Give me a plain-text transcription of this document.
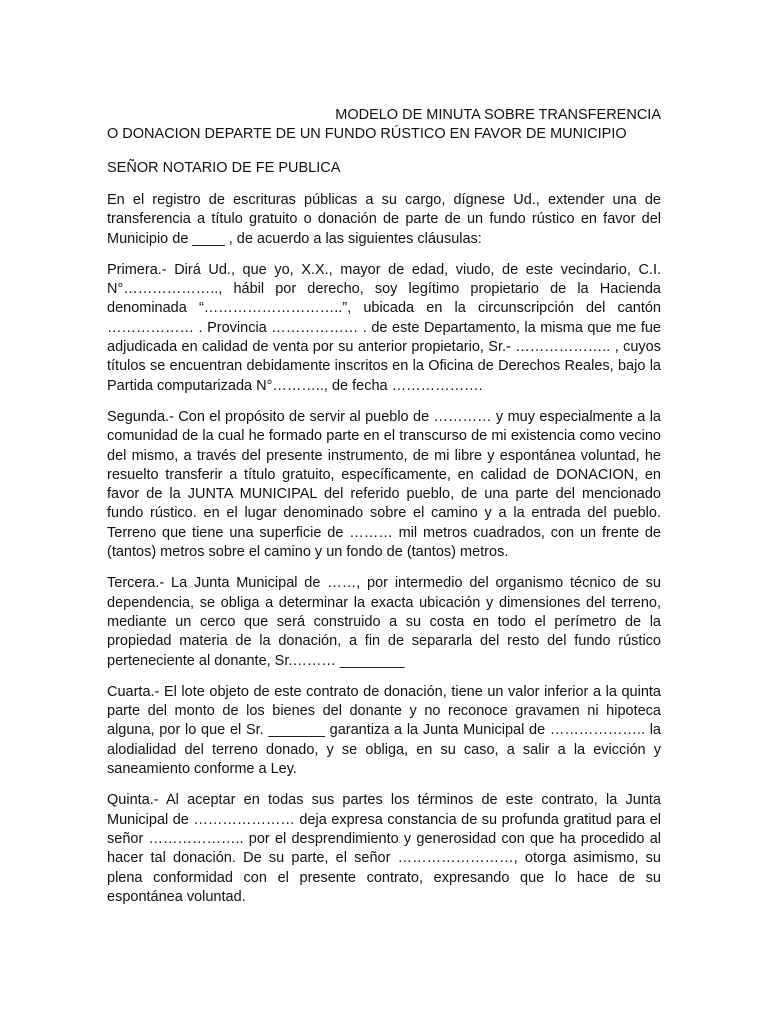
MODELO DE MINUTA SOBRE TRANSFERENCIA
O DONACION DEPARTE DE UN FUNDO RÚSTICO EN FAVOR DE MUNICIPIO
SEÑOR NOTARIO DE FE PUBLICA

En el registro de escrituras públicas a su cargo, dígnese Ud., extender una de transferencia a título gratuito o donación de parte de un fundo rústico en favor del Municipio de ____ , de acuerdo a las siguientes cláusulas:

Primera.- Dirá Ud., que yo, X.X., mayor de edad, viudo, de este vecindario, C.I. N°……………….., hábil por derecho, soy legítimo propietario de la Hacienda denominada “………………………..”, ubicada en la circunscripción del cantón ……………… . Provincia ……………… . de este Departamento, la misma que me fue adjudicada en calidad de venta por su anterior propietario, Sr.- ……………….. , cuyos títulos se encuentran debidamente inscritos en la Oficina de Derechos Reales, bajo la Partida computarizada N°……….., de fecha ……………….

Segunda.- Con el propósito de servir al pueblo de ………… y muy especialmente a la comunidad de la cual he formado parte en el transcurso de mi existencia como vecino del mismo, a través del presente instrumento, de mi libre y espontánea voluntad, he resuelto transferir a título gratuito, específicamente, en calidad de DONACION, en favor de la JUNTA MUNICIPAL del referido pueblo, de una parte del mencionado fundo rústico. en el lugar denominado sobre el camino y a la entrada del pueblo. Terreno que tiene una superficie de ……… mil metros cuadrados, con un frente de (tantos) metros sobre el camino y un fondo de (tantos) metros.

Tercera.- La Junta Municipal de ……, por intermedio del organismo técnico de su dependencia, se obliga a determinar la exacta ubicación y dimensiones del terreno, mediante un cerco que será construido a su costa en todo el perímetro de la propiedad materia de la donación, a fin de separarla del resto del fundo rústico perteneciente al donante, Sr.……… ________

Cuarta.- El lote objeto de este contrato de donación, tiene un valor inferior a la quinta parte del monto de los bienes del donante y no reconoce gravamen ni hipoteca alguna, por lo que el Sr. _______ garantiza a la Junta Municipal de ……………….. la alodialidad del terreno donado, y se obliga, en su caso, a salir a la evicción y saneamiento conforme a Ley.

Quinta.- Al aceptar en todas sus partes los términos de este contrato, la Junta Municipal de ………………… deja expresa constancia de su profunda gratitud para el señor ……………….. por el desprendimiento y generosidad con que ha procedido al hacer tal donación. De su parte, el señor ……………………, otorga asimismo, su plena conformidad con el presente contrato, expresando que lo hace de su espontánea voluntad.
